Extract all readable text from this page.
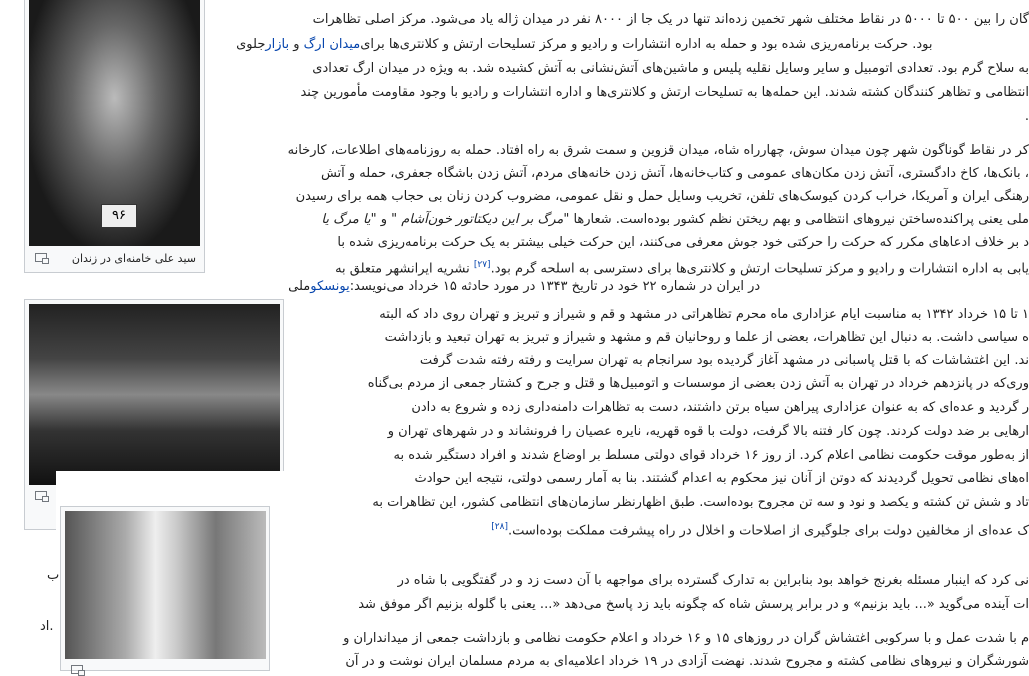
گان را بین ۵۰۰ تا ۵۰۰۰ در نقاط مختلف شهر تخمین زده‌اند تنها در یک جا از ۸۰۰۰ نفر در میدان ژاله یاد می‌شود. مرکز اصلی تظاهرات
جلوی بازار و میدان ارگ بود. حرکت برنامه‌ریزی شده بود و حمله به اداره انتشارات و رادیو و مرکز تسلیحات ارتش و کلانتری‌ها برای
به سلاح گرم بود. تعدادی اتومبیل و سایر وسایل نقلیه پلیس و ماشین‌های آتش‌نشانی به آتش کشیده شد. به ویژه در میدان ارگ تعدادی
انتظامی و تظاهر کنندگان کشته شدند. این حمله‌ها به تسلیحات ارتش و کلانتری‌ها و اداره انتشارات و رادیو با وجود مقاومت مأمورین چند
.
کر در نقاط گوناگون شهر چون میدان سوش، چهارراه شاه، میدان قزوین و سمت شرق به راه افتاد. حمله به روزنامه‌های اطلاعات، کارخانه
، بانک‌ها، کاخ دادگستری، آتش زدن مکان‌های عمومی و کتاب‌خانه‌ها، آتش زدن خانه‌های مردم، آتش زدن باشگاه جعفری، حمله و آتش
رهنگی ایران و آمریکا، خراب کردن کیوسک‌های تلفن، تخریب وسایل حمل و نقل عمومی، مضروب کردن زنان بی حجاب همه برای رسیدن
ملی یعنی پراکنده‌ساختن نیروهای انتظامی و بهم ریختن نظم کشور بوده‌است. شعارها "مرگ بر این دیکتاتور خون‌آشام " و "یا مرگ یا
د بر خلاف ادعاهای مکرر که حرکت را حرکتی خود جوش معرفی می‌کنند، این حرکت خیلی بیشتر به یک حرکت برنامه‌ریزی شده با
یابی به اداره انتشارات و رادیو و مرکز تسلیحات ارتش و کلانتری‌ها برای دسترسی به اسلحه گرم بود.[۲۷] نشریه ایرانشهر متعلق به
ملی یونسکو در ایران در شماره ۲۲ خود در تاریخ ۱۳۴۳ در مورد حادثه ۱۵ خرداد می‌نویسد:
۱ تا ۱۵ خرداد ۱۳۴۲ به مناسبت ایام عزاداری ماه محرم تظاهراتی در مشهد و قم و شیراز و تبریز و تهران روی داد که البته
ه سیاسی داشت. به دنبال این تظاهرات، بعضی از علما و روحانیان قم و مشهد و شیراز و تبریز به تهران تبعید و بازداشت
ند. این اغتشاشات که با قتل پاسبانی در مشهد آغاز گردیده بود سرانجام به تهران سرایت و رفته رفته شدت گرفت
وری‌که در پانزدهم خرداد در تهران به آتش زدن بعضی از موسسات و اتومبیل‌ها و قتل و جرح و کشتار جمعی از مردم بی‌گناه
ر گردید و عده‌ای که به عنوان عزاداری پیراهن سیاه برتن داشتند، دست به تظاهرات دامنه‌داری زده و شروع به دادن
ارهایی بر ضد دولت کردند. چون کار فتنه بالا گرفت، دولت با قوه قهریه، نایره عصیان را فرونشاند و در شهرهای تهران و
از به‌طور موقت حکومت نظامی اعلام کرد. از روز ۱۶ خرداد قوای دولتی مسلط بر اوضاع شدند و افراد دستگیر شده به
اه‌های نظامی تحویل گردیدند که دوتن از آنان نیز محکوم به اعدام گشتند. بنا به آمار رسمی دولتی، نتیجه این حوادث
تاد و شش تن کشته و یکصد و نود و سه تن مجروح بوده‌است. طبق اظهارنظر سازمان‌های انتظامی کشور، این تظاهرات به
ک عده‌ای از مخالفین دولت برای جلوگیری از اصلاحات و اخلال در راه پیشرفت مملکت بوده‌است.[۲۸]
نی کرد که اینبار مسئله بغرنج خواهد بود بنابراین به تدارک گسترده برای مواجهه با آن دست زد و در گفتگویی با شاه در
ات آینده می‌گوید «... باید بزنیم» و در برابر پرسش شاه که چگونه باید زد پاسخ می‌دهد «... یعنی با گلوله بزنیم اگر موفق شد
م با شدت عمل و با سرکوبی اغتشاش گران در روزهای ۱۵ و ۱۶ خرداد و اعلام حکومت نظامی و بازداشت جمعی از میدانداران و
شورشگران و نیروهای نظامی کشته و مجروح شدند. نهضت آزادی در ۱۹ خرداد اعلامیه‌ای به مردم مسلمان ایران نوشت و در آن
۹۶
سید علی خامنه‌ای در زندان
ب
اد.
